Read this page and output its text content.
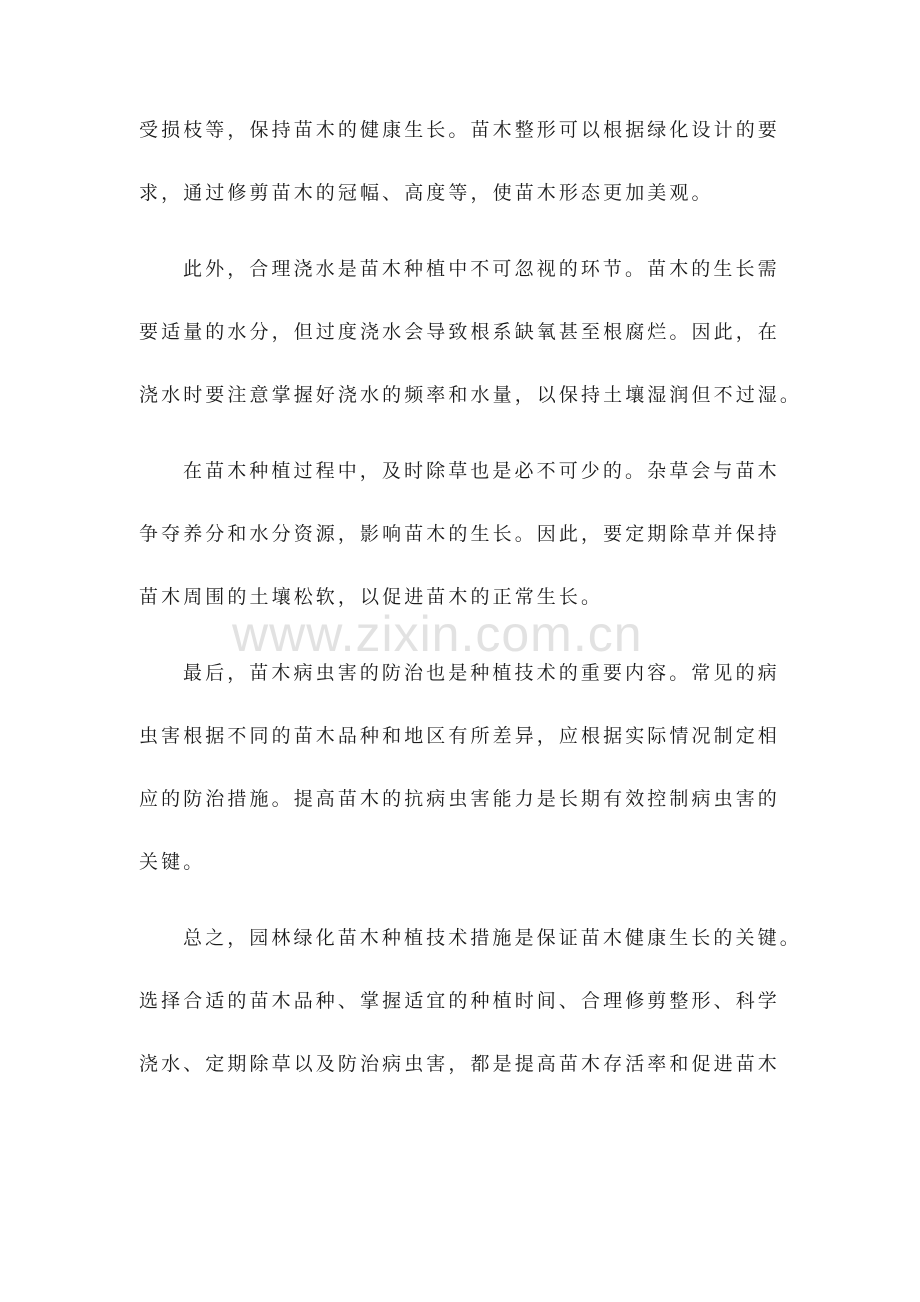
受损枝等，保持苗木的健康生长。苗木整形可以根据绿化设计的要
求，通过修剪苗木的冠幅、高度等，使苗木形态更加美观。
此外，合理浇水是苗木种植中不可忽视的环节。苗木的生长需
要适量的水分，但过度浇水会导致根系缺氧甚至根腐烂。因此，在
浇水时要注意掌握好浇水的频率和水量，以保持土壤湿润但不过湿。
在苗木种植过程中，及时除草也是必不可少的。杂草会与苗木
争夺养分和水分资源，影响苗木的生长。因此，要定期除草并保持
苗木周围的土壤松软，以促进苗木的正常生长。
最后，苗木病虫害的防治也是种植技术的重要内容。常见的病
虫害根据不同的苗木品种和地区有所差异，应根据实际情况制定相
应的防治措施。提高苗木的抗病虫害能力是长期有效控制病虫害的
关键。
总之，园林绿化苗木种植技术措施是保证苗木健康生长的关键。
选择合适的苗木品种、掌握适宜的种植时间、合理修剪整形、科学
浇水、定期除草以及防治病虫害，都是提高苗木存活率和促进苗木
www.zixin.com.cn
